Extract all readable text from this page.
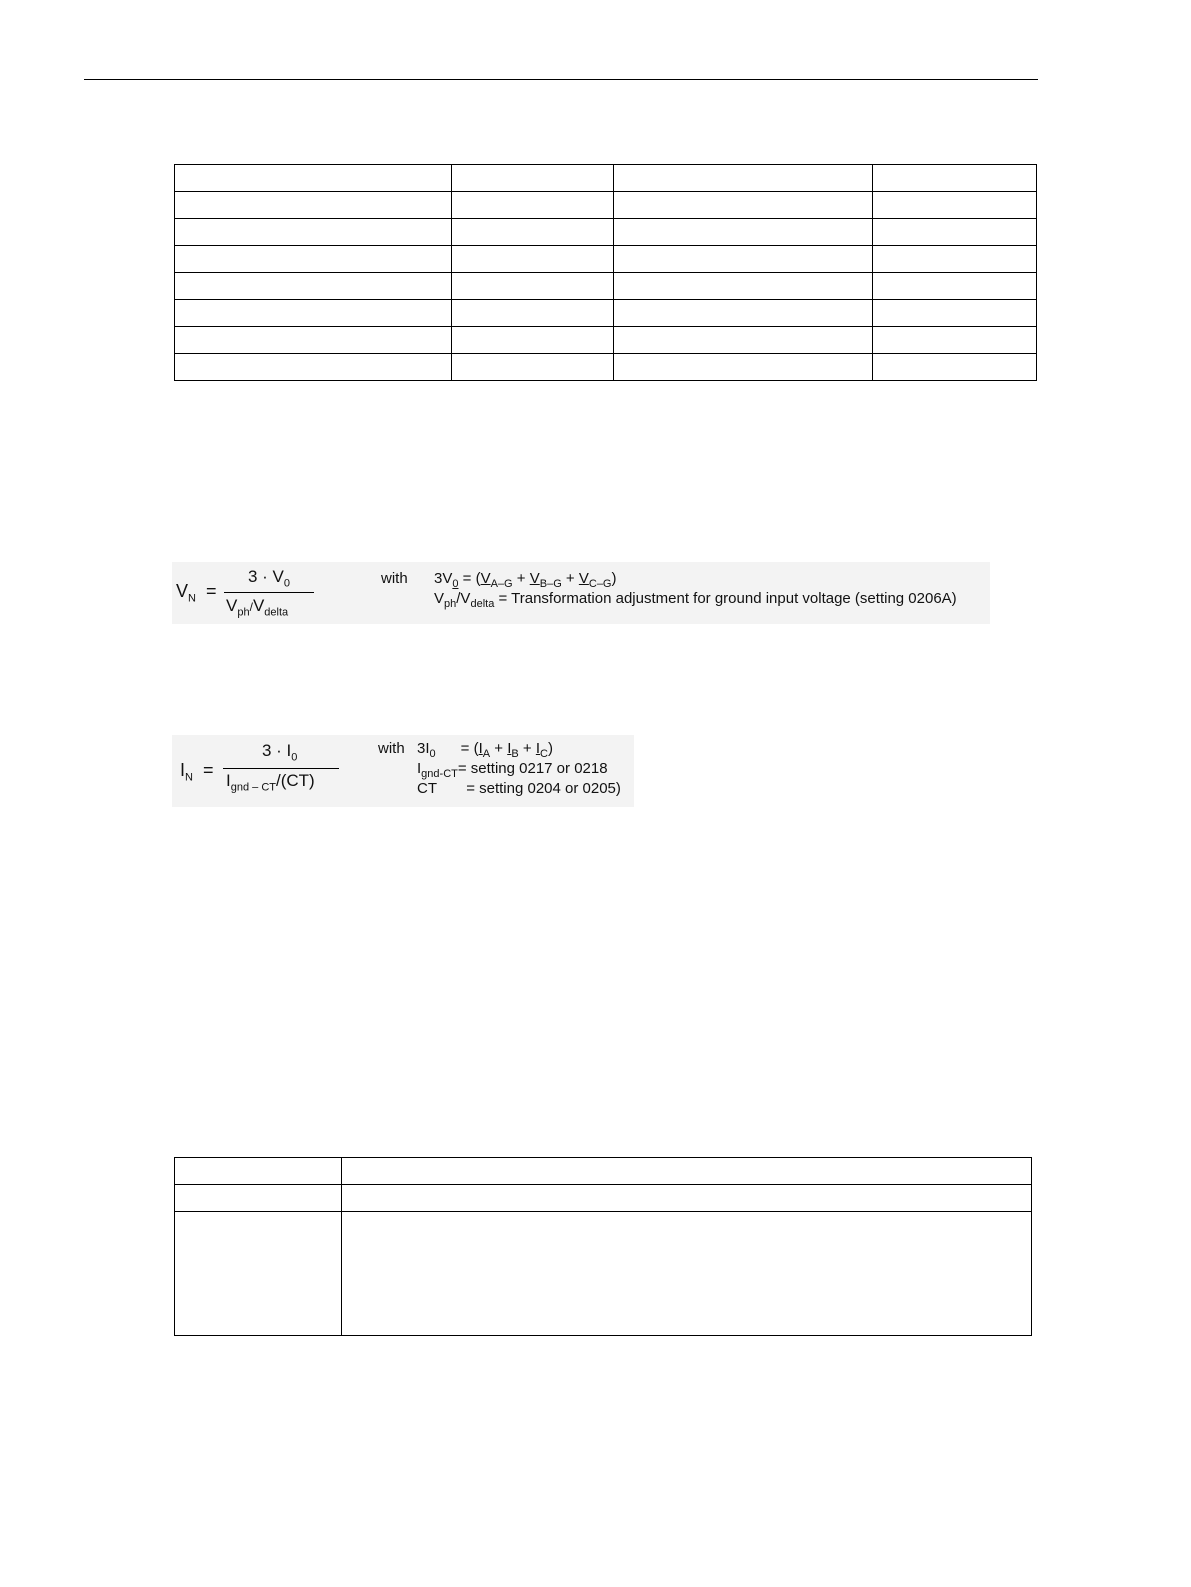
$V_N$ =
$3 \cdot V_0$
$V_{ph}/V_{delta}$
with $3V_0 = (V_{A-G} + V_{B-G} + V_{C-G})$
$V_{ph}/V_{delta}$ = Transformation adjustment for ground input voltage (setting 0206A)
$I_N$ =
$3 \cdot I_0$
$I_{gnd - CT}/(CT)$
with $3I_0 = (I_A + I_B + I_C)$
$I_{gnd-CT}=$ setting 0217 or 0218
CT = setting 0204 or 0205)
